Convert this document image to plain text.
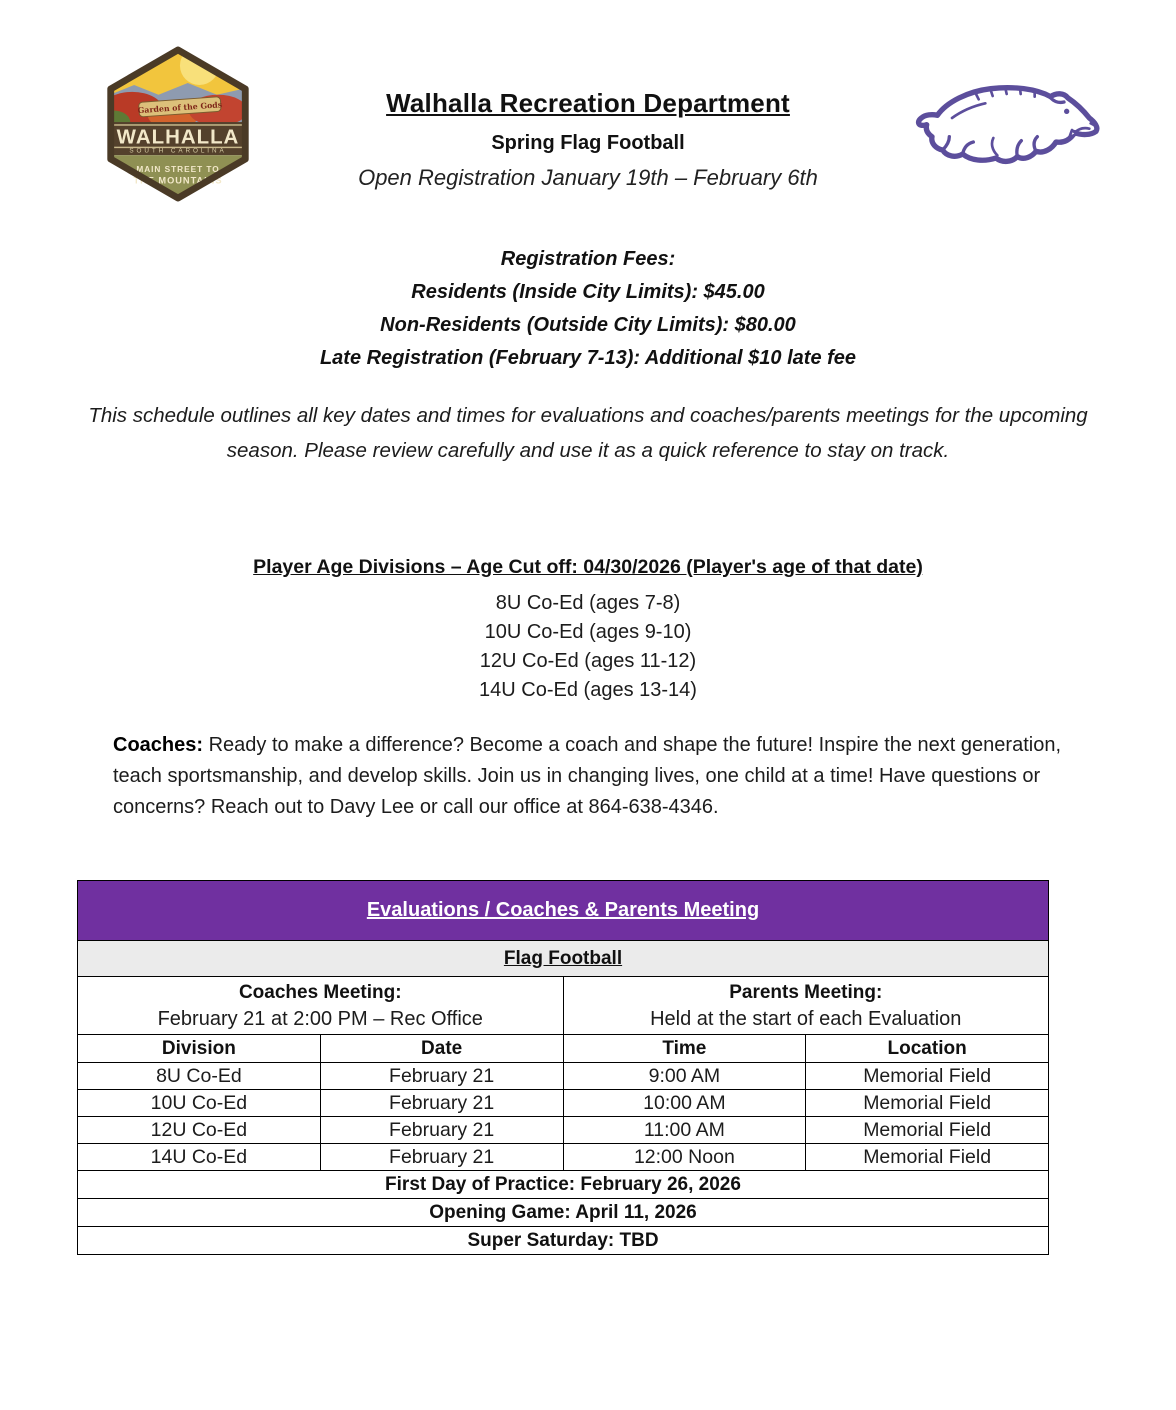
Garden of the Gods
WALHALLA
SOUTH CAROLINA
MAIN STREET TO
THE MOUNTAINS
Walhalla Recreation Department
Spring Flag Football
Open Registration January 19th – February 6th
Registration Fees:
Residents (Inside City Limits): $45.00
Non-Residents (Outside City Limits): $80.00
Late Registration (February 7-13): Additional $10 late fee
This schedule outlines all key dates and times for evaluations and coaches/parents meetings for the upcoming season. Please review carefully and use it as a quick reference to stay on track.
Player Age Divisions – Age Cut off: 04/30/2026 (Player's age of that date)
8U Co-Ed (ages 7-8)
10U Co-Ed (ages 9-10)
12U Co-Ed (ages 11-12)
14U Co-Ed (ages 13-14)
Coaches: Ready to make a difference? Become a coach and shape the future! Inspire the next generation, teach sportsmanship, and develop skills. Join us in changing lives, one child at a time! Have questions or concerns? Reach out to Davy Lee or call our office at 864-638-4346.
Evaluations / Coaches & Parents Meeting			
Flag Football			

Coaches Meeting:
February 21 at 2:00 PM – Rec Office

Parents Meeting:
Held at the start of each Evaluation

Division	Date	Time	Location
8U Co-Ed	February 21	9:00 AM	Memorial Field
10U Co-Ed	February 21	10:00 AM	Memorial Field
12U Co-Ed	February 21	11:00 AM	Memorial Field
14U Co-Ed	February 21	12:00 Noon	Memorial Field
First Day of Practice: February 26, 2026			
Opening Game: April 11, 2026			
Super Saturday: TBD			
